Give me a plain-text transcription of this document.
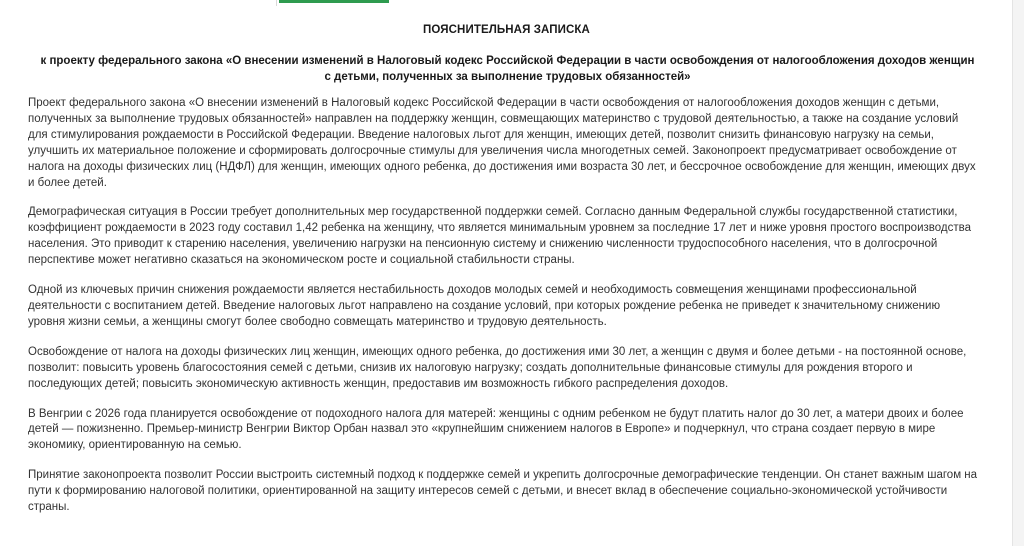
ПОЯСНИТЕЛЬНАЯ ЗАПИСКА
к проекту федерального закона «О внесении изменений в Налоговый кодекс Российской Федерации в части освобождения от налогообложения доходов женщин с детьми, полученных за выполнение трудовых обязанностей»

Проект федерального закона «О внесении изменений в Налоговый кодекс Российской Федерации в части освобождения от налогообложения доходов женщин с детьми, полученных за выполнение трудовых обязанностей» направлен на поддержку женщин, совмещающих материнство с трудовой деятельностью, а также на создание условий для стимулирования рождаемости в Российской Федерации. Введение налоговых льгот для женщин, имеющих детей, позволит снизить финансовую нагрузку на семьи, улучшить их материальное положение и сформировать долгосрочные стимулы для увеличения числа многодетных семей. Законопроект предусматривает освобождение от налога на доходы физических лиц (НДФЛ) для женщин, имеющих одного ребенка, до достижения ими возраста 30 лет, и бессрочное освобождение для женщин, имеющих двух и более детей.

Демографическая ситуация в России требует дополнительных мер государственной поддержки семей. Согласно данным Федеральной службы государственной статистики, коэффициент рождаемости в 2023 году составил 1,42 ребенка на женщину, что является минимальным уровнем за последние 17 лет и ниже уровня простого воспроизводства населения. Это приводит к старению населения, увеличению нагрузки на пенсионную систему и снижению численности трудоспособного населения, что в долгосрочной перспективе может негативно сказаться на экономическом росте и социальной стабильности страны.

Одной из ключевых причин снижения рождаемости является нестабильность доходов молодых семей и необходимость совмещения женщинами профессиональной деятельности с воспитанием детей. Введение налоговых льгот направлено на создание условий, при которых рождение ребенка не приведет к значительному снижению уровня жизни семьи, а женщины смогут более свободно совмещать материнство и трудовую деятельность.

Освобождение от налога на доходы физических лиц женщин, имеющих одного ребенка, до достижения ими 30 лет, а женщин с двумя и более детьми - на постоянной основе, позволит: повысить уровень благосостояния семей с детьми, снизив их налоговую нагрузку; создать дополнительные финансовые стимулы для рождения второго и последующих детей; повысить экономическую активность женщин, предоставив им возможность гибкого распределения доходов.

В Венгрии с 2026 года планируется освобождение от подоходного налога для матерей: женщины с одним ребенком не будут платить налог до 30 лет, а матери двоих и более детей — пожизненно. Премьер-министр Венгрии Виктор Орбан назвал это «крупнейшим снижением налогов в Европе» и подчеркнул, что страна создает первую в мире экономику, ориентированную на семью.

Принятие законопроекта позволит России выстроить системный подход к поддержке семей и укрепить долгосрочные демографические тенденции. Он станет важным шагом на пути к формированию налоговой политики, ориентированной на защиту интересов семей с детьми, и внесет вклад в обеспечение социально-экономической устойчивости страны.
